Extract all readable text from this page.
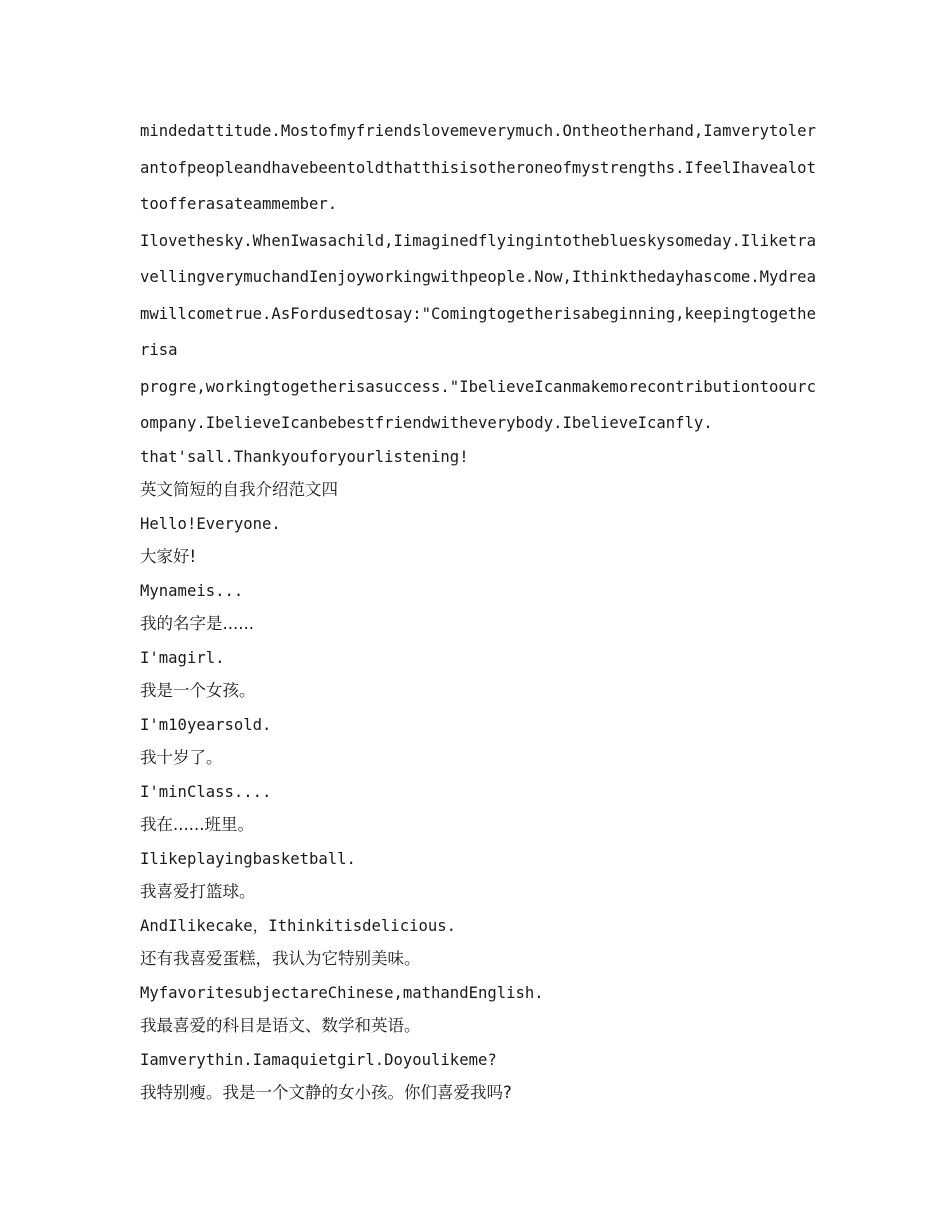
mindedattitude.Mostofmyfriendslovemeverymuch.Ontheotherhand,Iamverytoler
antofpeopleandhavebeentoldthatthisisotheroneofmystrengths.IfeelIhavealot
toofferasateammember.
Ilovethesky.WhenIwasachild,Iimaginedflyingintotheblueskysomeday.Iliketra
vellingverymuchandIenjoyworkingwithpeople.Now,Ithinkthedayhascome.Mydrea
mwillcometrue.AsFordusedtosay:"Comingtogetherisabeginning,keepingtogethe
risa
progre,workingtogetherisasuccess."IbelieveIcanmakemorecontributiontoourc
ompany.IbelieveIcanbebestfriendwitheverybody.IbelieveIcanfly.
that'sall.Thankyouforyourlistening!
英文简短的自我介绍范文四
Hello!Everyone.
大家好!
Mynameis...
我的名字是......
I'magirl.
我是一个女孩。
I'm10yearsold.
我十岁了。
I'minClass....
我在......班里。
Ilikeplayingbasketball.
我喜爱打篮球。
AndIlikecake，Ithinkitisdelicious.
还有我喜爱蛋糕，我认为它特别美味。
MyfavoritesubjectareChinese,mathandEnglish.
我最喜爱的科目是语文、数学和英语。
Iamverythin.Iamaquietgirl.Doyoulikeme?
我特别瘦。我是一个文静的女小孩。你们喜爱我吗?
